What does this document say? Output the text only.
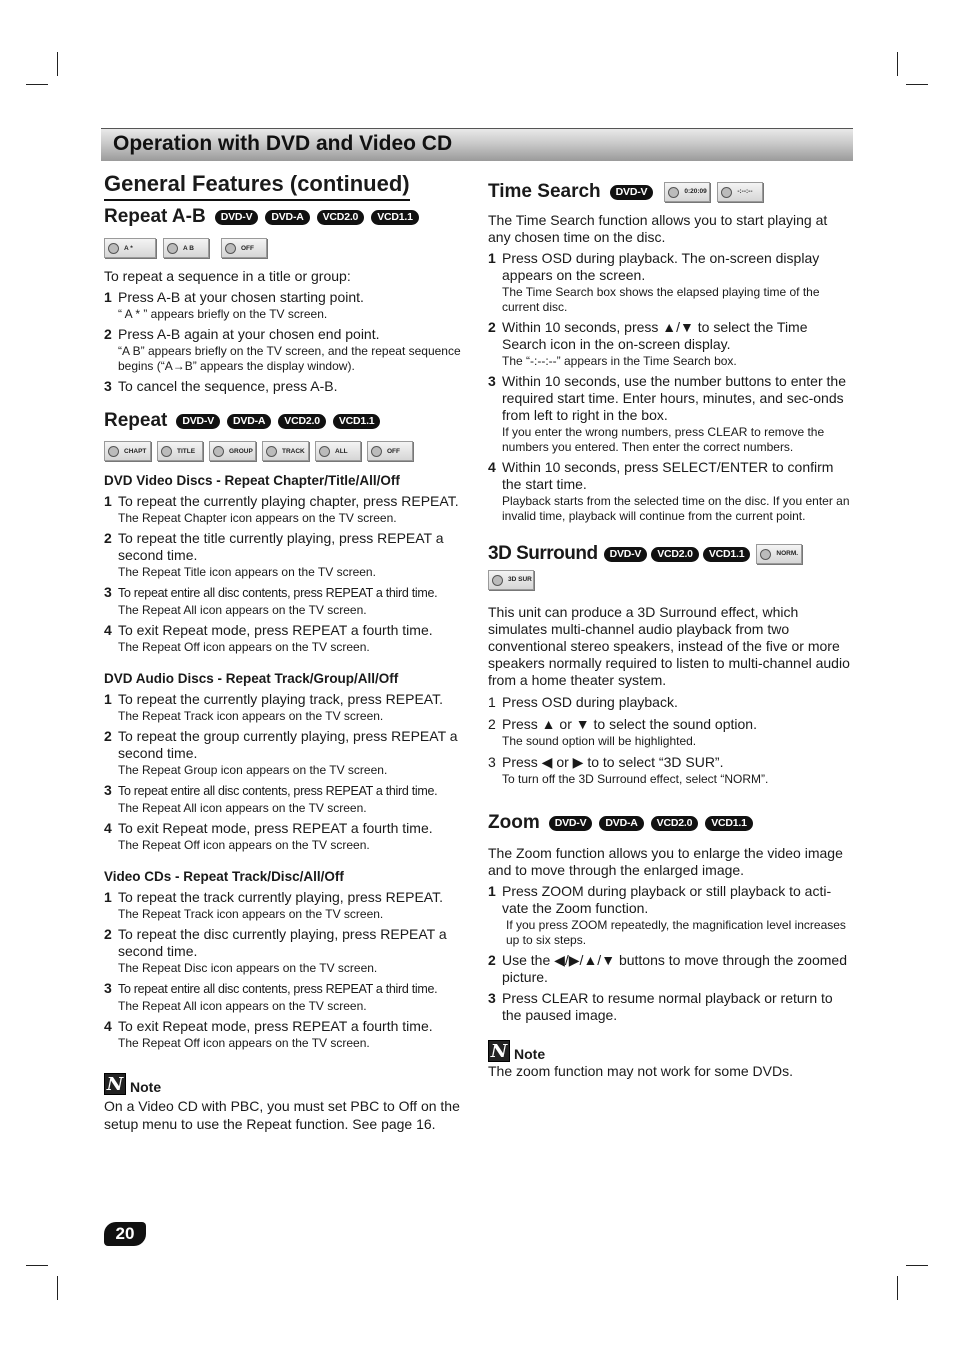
Operation with DVD and Video CD
General Features (continued)
Repeat A-B	DVD-V	DVD-A	VCD2.0	VCD1.1
A *	A B	OFF

To repeat a sequence in a title or group:

1 Press A-B at your chosen starting point.
“ A * ” appears briefly on the TV screen.
2 Press A-B again at your chosen end point.
“A B” appears briefly on the TV screen, and the repeat sequence begins (“A→B” appears the display window).
3 To cancel the sequence, press A-B.
Repeat	DVD-V	DVD-A	VCD2.0	VCD1.1
CHAPT	TITLE	GROUP	TRACK	ALL	OFF
DVD Video Discs - Repeat Chapter/Title/All/Off
1 To repeat the currently playing chapter, press REPEAT.
The Repeat Chapter icon appears on the TV screen.
2 To repeat the title currently playing, press REPEAT a second time.
The Repeat Title icon appears on the TV screen.
3 To repeat entire all disc contents, press REPEAT a third time.
The Repeat All icon appears on the TV screen.
4 To exit Repeat mode, press REPEAT a fourth time.
The Repeat Off icon appears on the TV screen.
DVD Audio Discs - Repeat Track/Group/All/Off
1 To repeat the currently playing track, press REPEAT.
The Repeat Track icon appears on the TV screen.
2 To repeat the group currently playing, press REPEAT a second time.
The Repeat Group icon appears on the TV screen.
3 To repeat entire all disc contents, press REPEAT a third time.
The Repeat All icon appears on the TV screen.
4 To exit Repeat mode, press REPEAT a fourth time.
The Repeat Off icon appears on the TV screen.
Video CDs - Repeat Track/Disc/All/Off
1 To repeat the track currently playing, press REPEAT.
The Repeat Track icon appears on the TV screen.
2 To repeat the disc currently playing, press REPEAT a second time.
The Repeat Disc icon appears on the TV screen.
3 To repeat entire all disc contents, press REPEAT a third time.
The Repeat All icon appears on the TV screen.
4 To exit Repeat mode, press REPEAT a fourth time.
The Repeat Off icon appears on the TV screen.
N Note

On a Video CD with PBC, you must set PBC to Off on the setup menu to use the Repeat function. See page 16.

Time Search	DVD-V	0:20:09	-:--:--

The Time Search function allows you to start playing at any chosen time on the disc.

1 Press OSD during playback. The on-screen display appears on the screen.
The Time Search box shows the elapsed playing time of the current disc.
2 Within 10 seconds, press ▲/▼ to select the Time Search icon in the on-screen display.
The “-:--:--” appears in the Time Search box.
3 Within 10 seconds, use the number buttons to enter the required start time. Enter hours, minutes, and sec-onds from left to right in the box.
If you enter the wrong numbers, press CLEAR to remove the numbers you entered. Then enter the correct numbers.
4 Within 10 seconds, press SELECT/ENTER to confirm the start time.
Playback starts from the selected time on the disc. If you enter an invalid time, playback will continue from the current point.
3D Surround	DVD-V	VCD2.0	VCD1.1	NORM.
3D SUR

This unit can produce a 3D Surround effect, which simulates multi-channel audio playback from two conventional stereo speakers, instead of the five or more speakers normally required to listen to multi-channel audio from a home theater system.

1 Press OSD during playback.
2 Press ▲ or ▼ to select the sound option.
The sound option will be highlighted.
3 Press ◀ or ▶ to to select “3D SUR”.
To turn off the 3D Surround effect, select “NORM”.
Zoom	DVD-V	DVD-A	VCD2.0	VCD1.1

The Zoom function allows you to enlarge the video image and to move through the enlarged image.

1 Press ZOOM during playback or still playback to acti-vate the Zoom function.
If you press ZOOM repeatedly, the magnification level increases up to six steps.
2 Use the ◀/▶/▲/▼ buttons to move through the zoomed picture.
3 Press CLEAR to resume normal playback or return to the paused image.
N Note

The zoom function may not work for some DVDs.

20
